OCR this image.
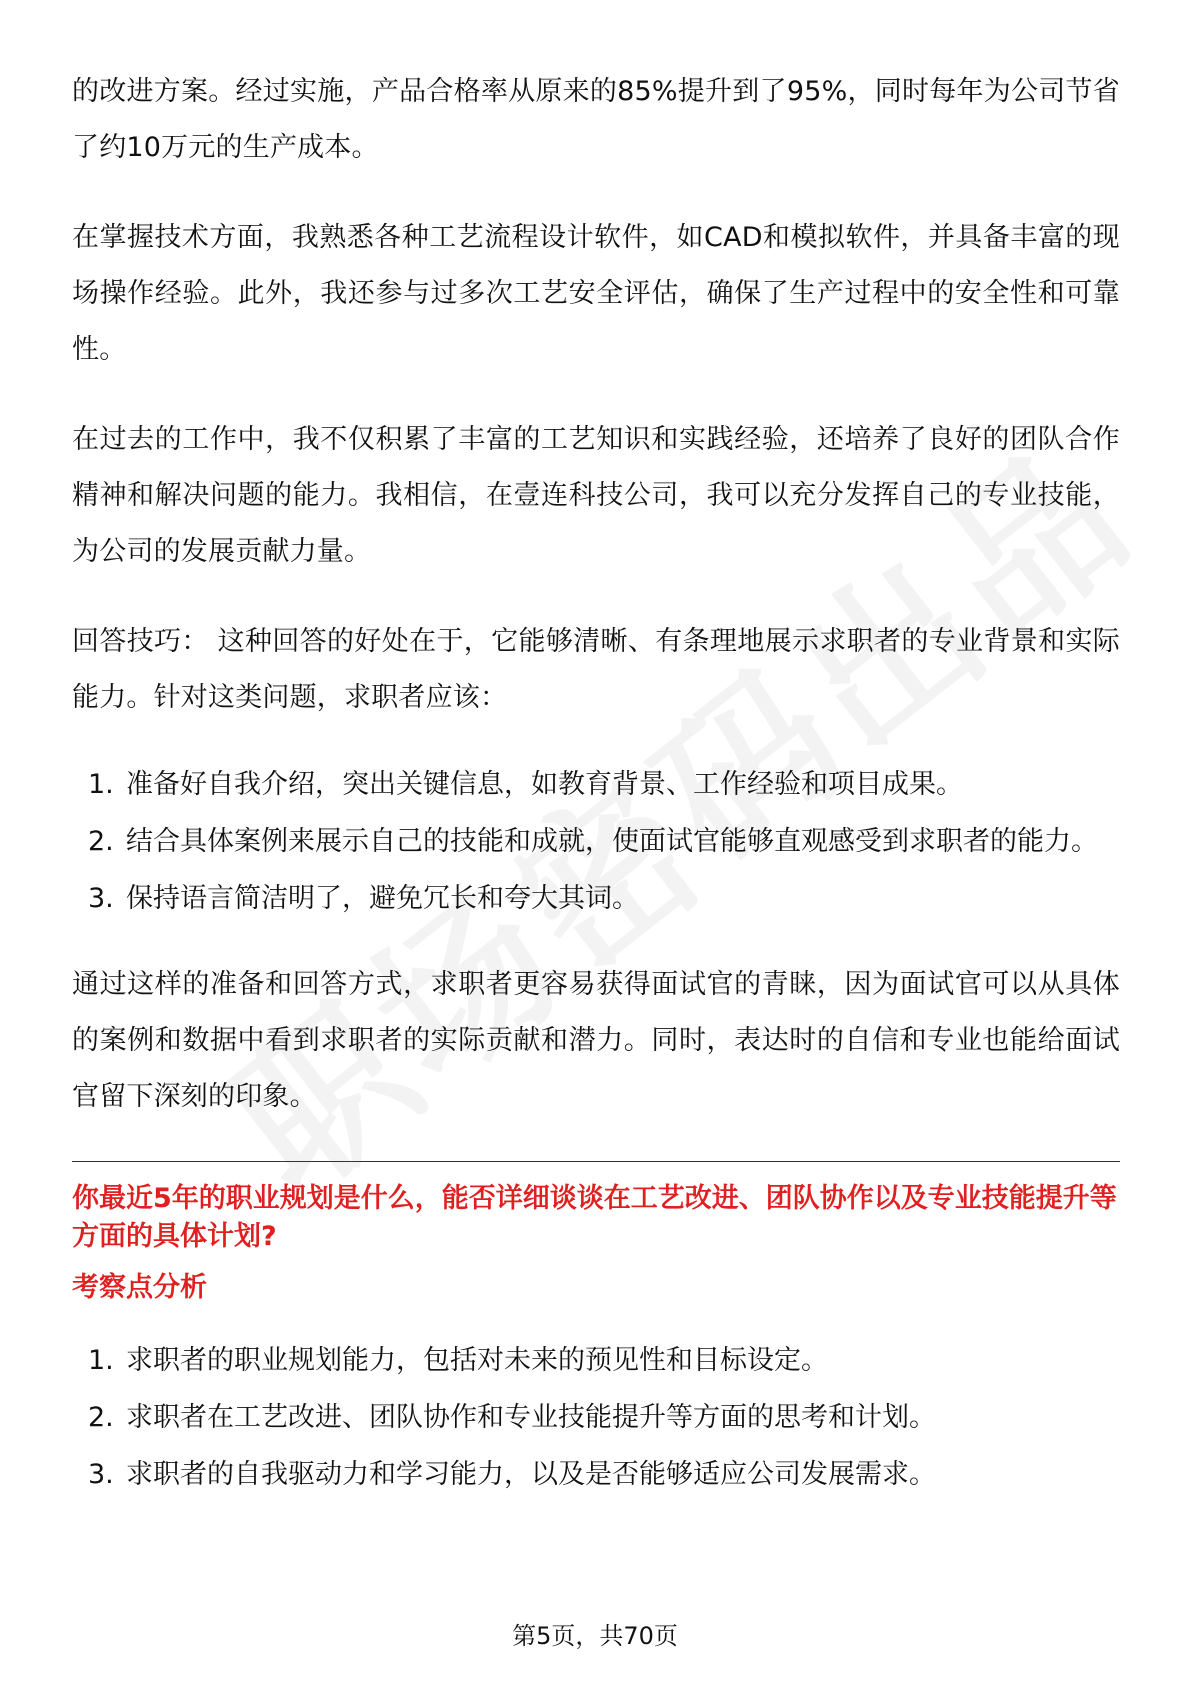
的改进方案。经过实施，产品合格率从原来的85%提升到了95%，同时每年为公司节省了约10万元的生产成本。

在掌握技术方面，我熟悉各种工艺流程设计软件，如CAD和模拟软件，并具备丰富的现场操作经验。此外，我还参与过多次工艺安全评估，确保了生产过程中的安全性和可靠性。

在过去的工作中，我不仅积累了丰富的工艺知识和实践经验，还培养了良好的团队合作精神和解决问题的能力。我相信，在壹连科技公司，我可以充分发挥自己的专业技能，为公司的发展贡献力量。

回答技巧： 这种回答的好处在于，它能够清晰、有条理地展示求职者的专业背景和实际能力。针对这类问题，求职者应该：

1. 准备好自我介绍，突出关键信息，如教育背景、工作经验和项目成果。
2. 结合具体案例来展示自己的技能和成就，使面试官能够直观感受到求职者的能力。
3. 保持语言简洁明了，避免冗长和夸大其词。

通过这样的准备和回答方式，求职者更容易获得面试官的青睐，因为面试官可以从具体的案例和数据中看到求职者的实际贡献和潜力。同时，表达时的自信和专业也能给面试官留下深刻的印象。

你最近5年的职业规划是什么，能否详细谈谈在工艺改进、团队协作以及专业技能提升等方面的具体计划?
考察点分析
1. 求职者的职业规划能力，包括对未来的预见性和目标设定。
2. 求职者在工艺改进、团队协作和专业技能提升等方面的思考和计划。
3. 求职者的自我驱动力和学习能力，以及是否能够适应公司发展需求。
第5页，共70页
